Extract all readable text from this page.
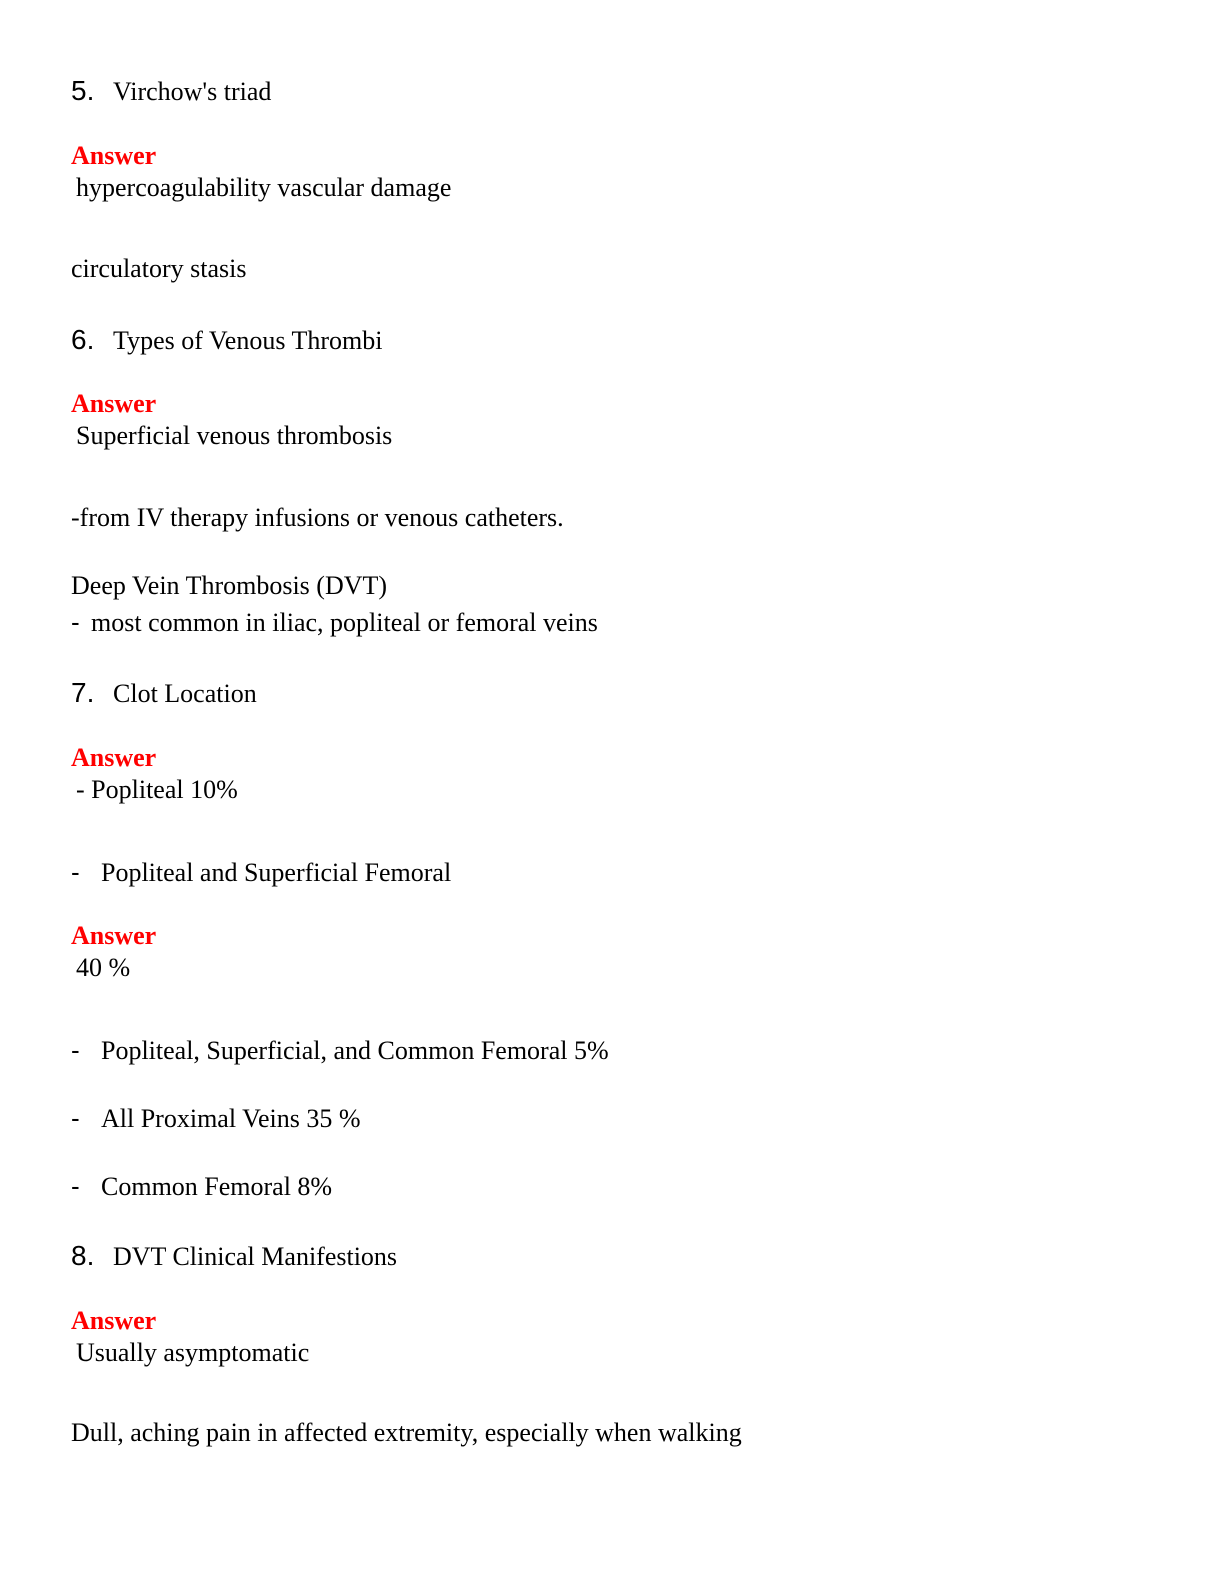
5. Virchow's triad
Answer
hypercoagulability vascular damage
circulatory stasis
6. Types of Venous Thrombi
Answer
Superficial venous thrombosis
-from IV therapy infusions or venous catheters.
Deep Vein Thrombosis (DVT)
- most common in iliac, popliteal or femoral veins
7. Clot Location
Answer
- Popliteal 10%
- Popliteal and Superficial Femoral
Answer
40 %
- Popliteal, Superficial, and Common Femoral 5%
- All Proximal Veins 35 %
- Common Femoral 8%
8. DVT Clinical Manifestions
Answer
Usually asymptomatic
Dull, aching pain in affected extremity, especially when walking
